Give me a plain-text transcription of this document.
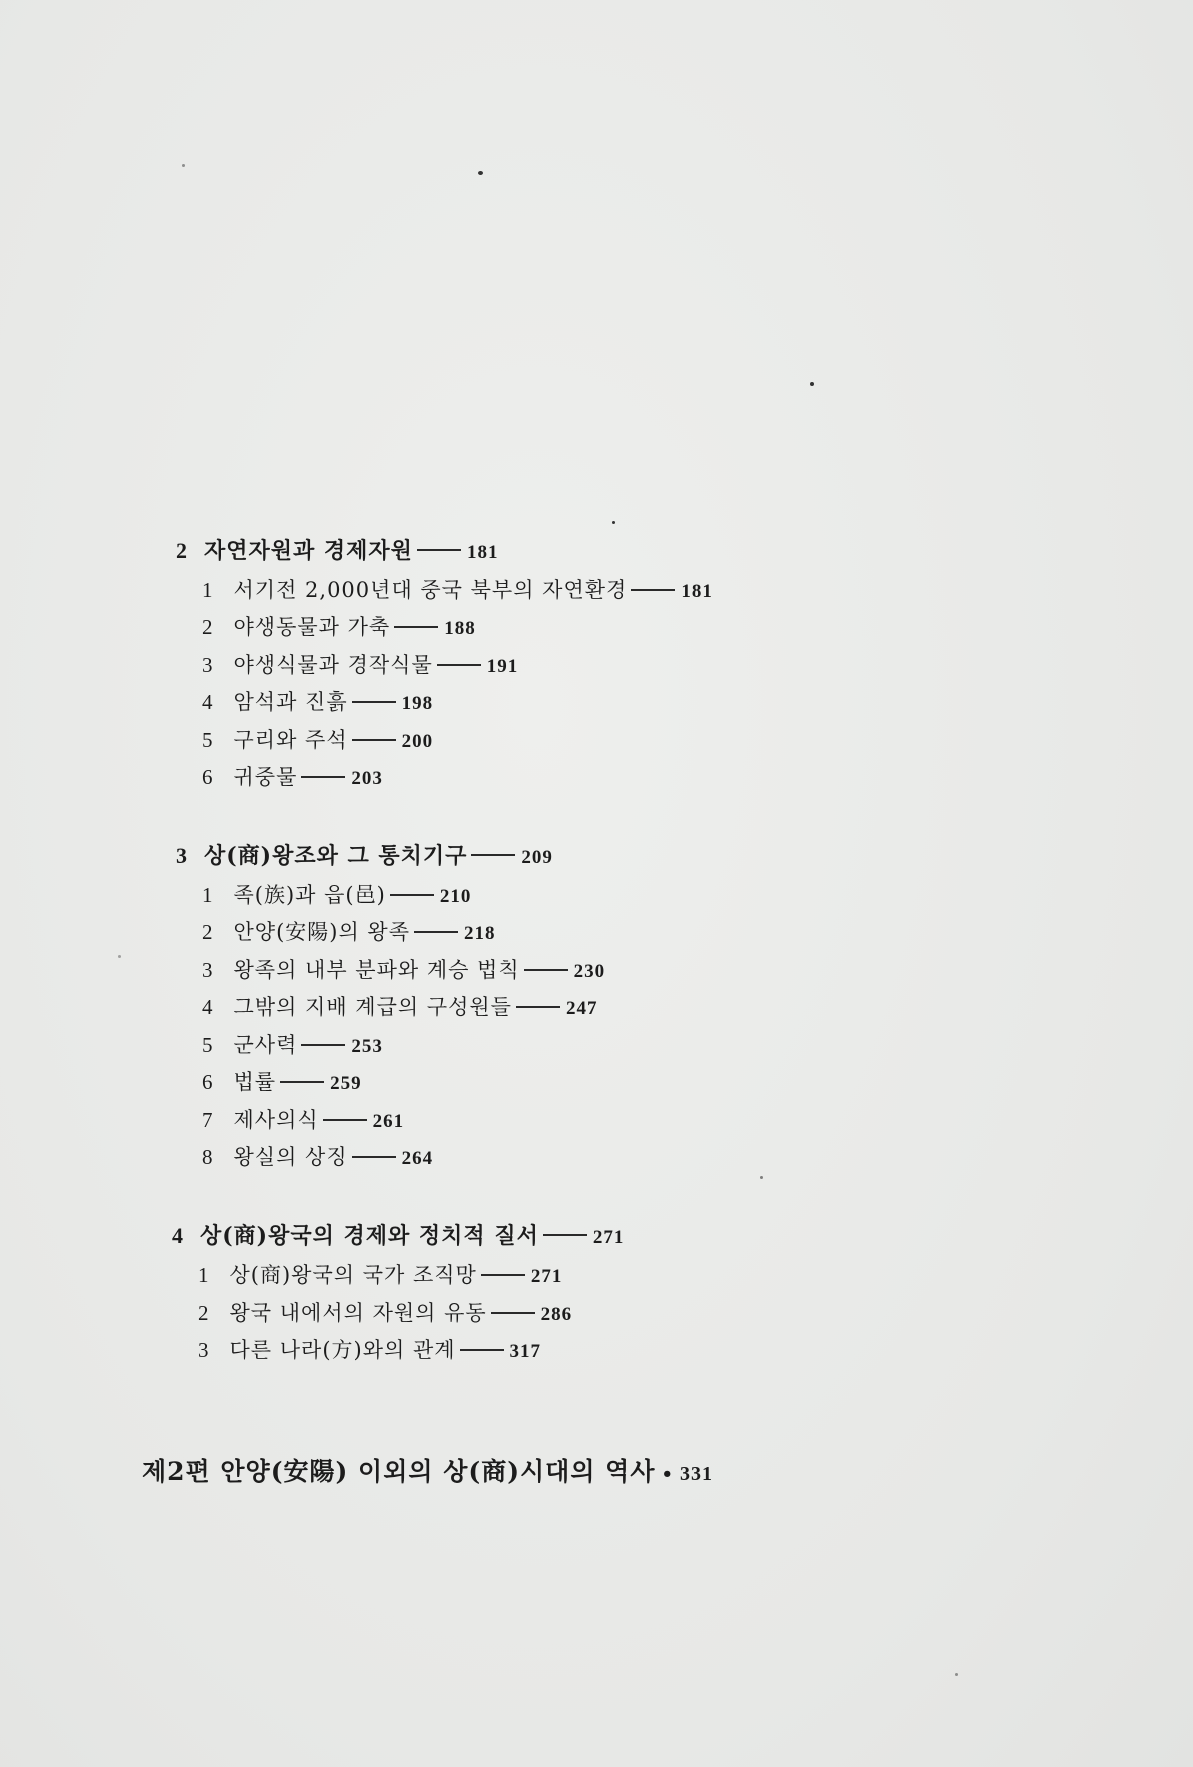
2 자연자원과 경제자원	181
1 서기전 2,000년대 중국 북부의 자연환경	181
2 야생동물과 가축	188
3 야생식물과 경작식물	191
4 암석과 진흙	198
5 구리와 주석	200
6 귀중물	203
3 상(商)왕조와 그 통치기구	209
1 족(族)과 읍(邑)	210
2 안양(安陽)의 왕족	218
3 왕족의 내부 분파와 계승 법칙	230
4 그밖의 지배 계급의 구성원들	247
5 군사력	253
6 법률	259
7 제사의식	261
8 왕실의 상징	264
4 상(商)왕국의 경제와 정치적 질서	271
1 상(商)왕국의 국가 조직망	271
2 왕국 내에서의 자원의 유동	286
3 다른 나라(方)와의 관계	317
제2편 안양(安陽) 이외의 상(商)시대의 역사 • 331
